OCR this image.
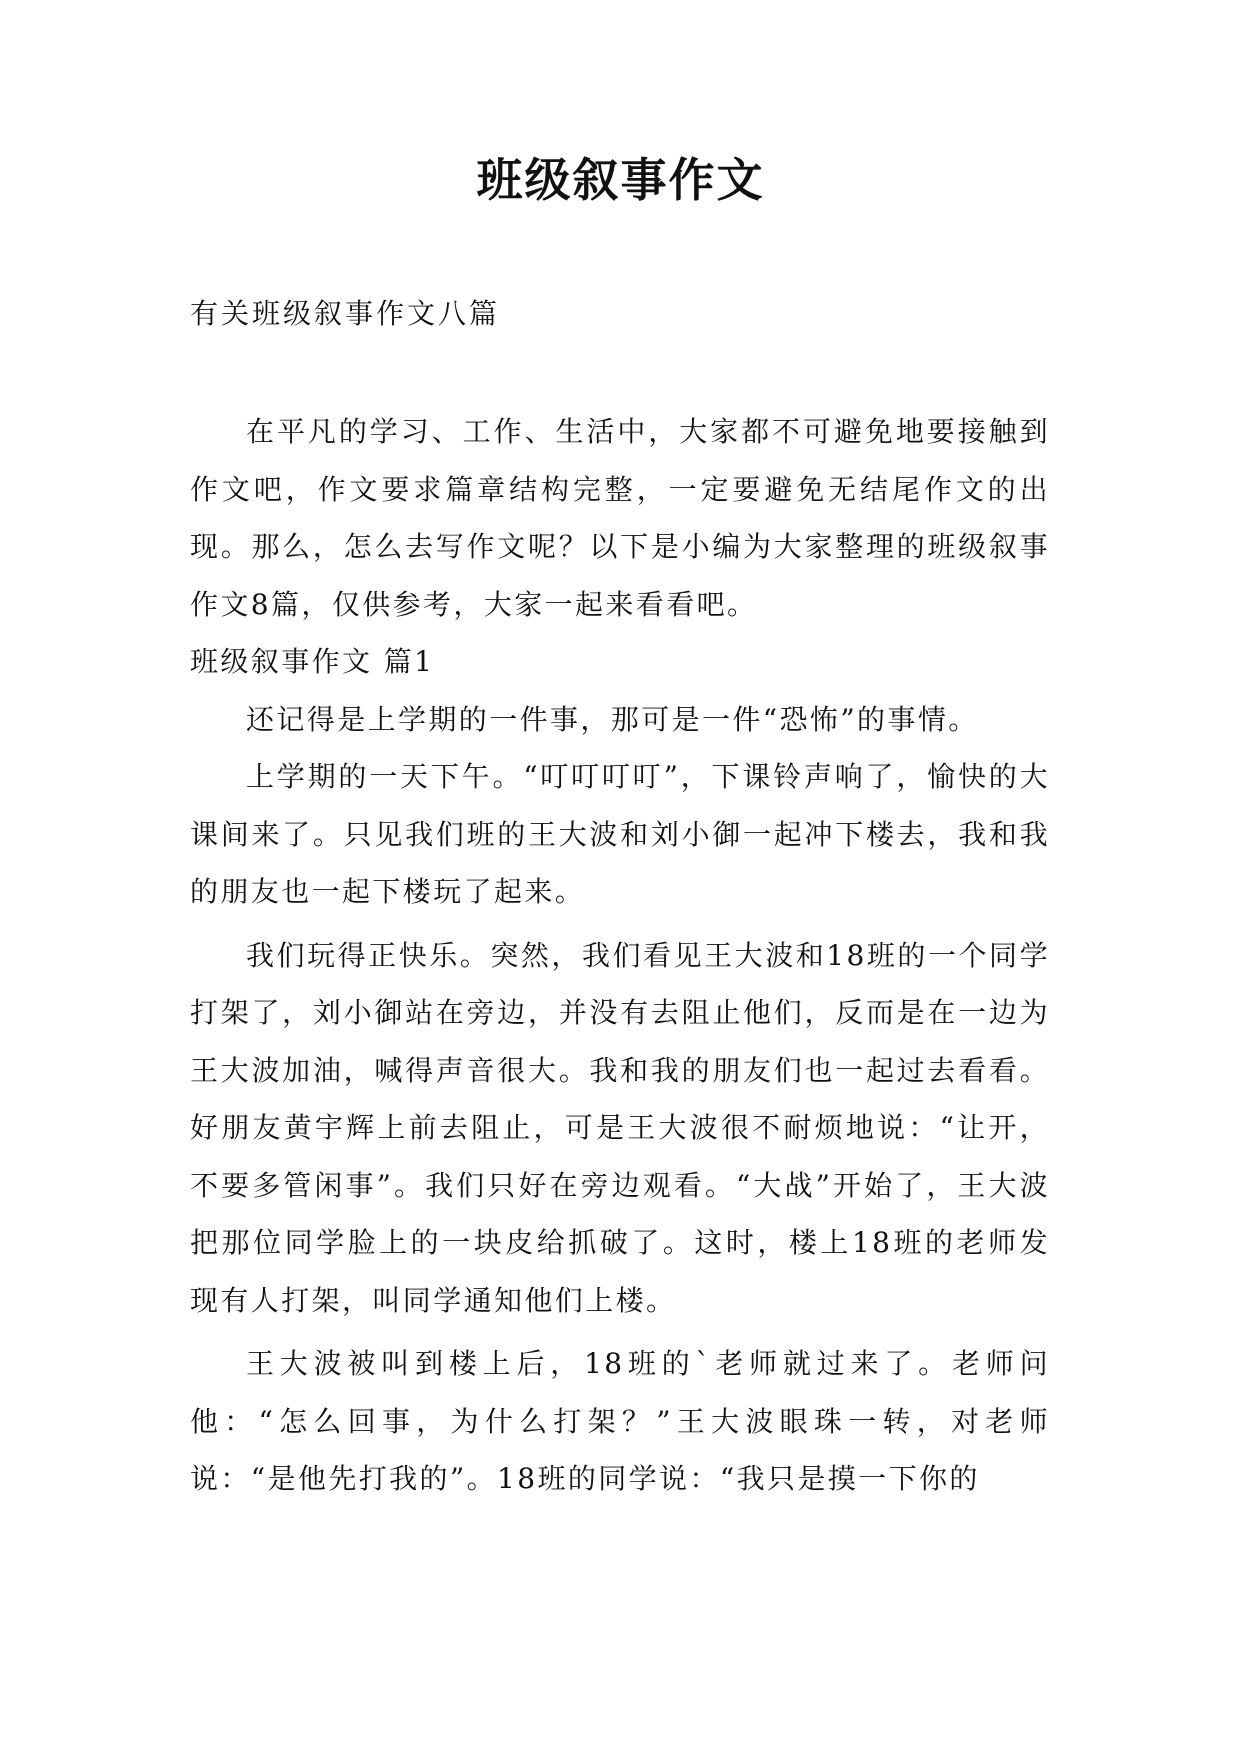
班级叙事作文
有关班级叙事作文八篇

在平凡的学习、工作、生活中，大家都不可避免地要接触到作文吧，作文要求篇章结构完整，一定要避免无结尾作文的出现。那么，怎么去写作文呢？以下是小编为大家整理的班级叙事作文8篇，仅供参考，大家一起来看看吧。

班级叙事作文 篇1

还记得是上学期的一件事，那可是一件“恐怖”的事情。

上学期的一天下午。“叮叮叮叮”，下课铃声响了，愉快的大课间来了。只见我们班的王大波和刘小御一起冲下楼去，我和我的朋友也一起下楼玩了起来。

我们玩得正快乐。突然，我们看见王大波和18班的一个同学打架了，刘小御站在旁边，并没有去阻止他们，反而是在一边为王大波加油，喊得声音很大。我和我的朋友们也一起过去看看。好朋友黄宇辉上前去阻止，可是王大波很不耐烦地说：“让开，不要多管闲事”。我们只好在旁边观看。“大战”开始了，王大波把那位同学脸上的一块皮给抓破了。这时，楼上18班的老师发现有人打架，叫同学通知他们上楼。

王大波被叫到楼上后，18班的`老师就过来了。老师问他：“怎么回事，为什么打架？”王大波眼珠一转，对老师说：“是他先打我的”。18班的同学说：“我只是摸一下你的
